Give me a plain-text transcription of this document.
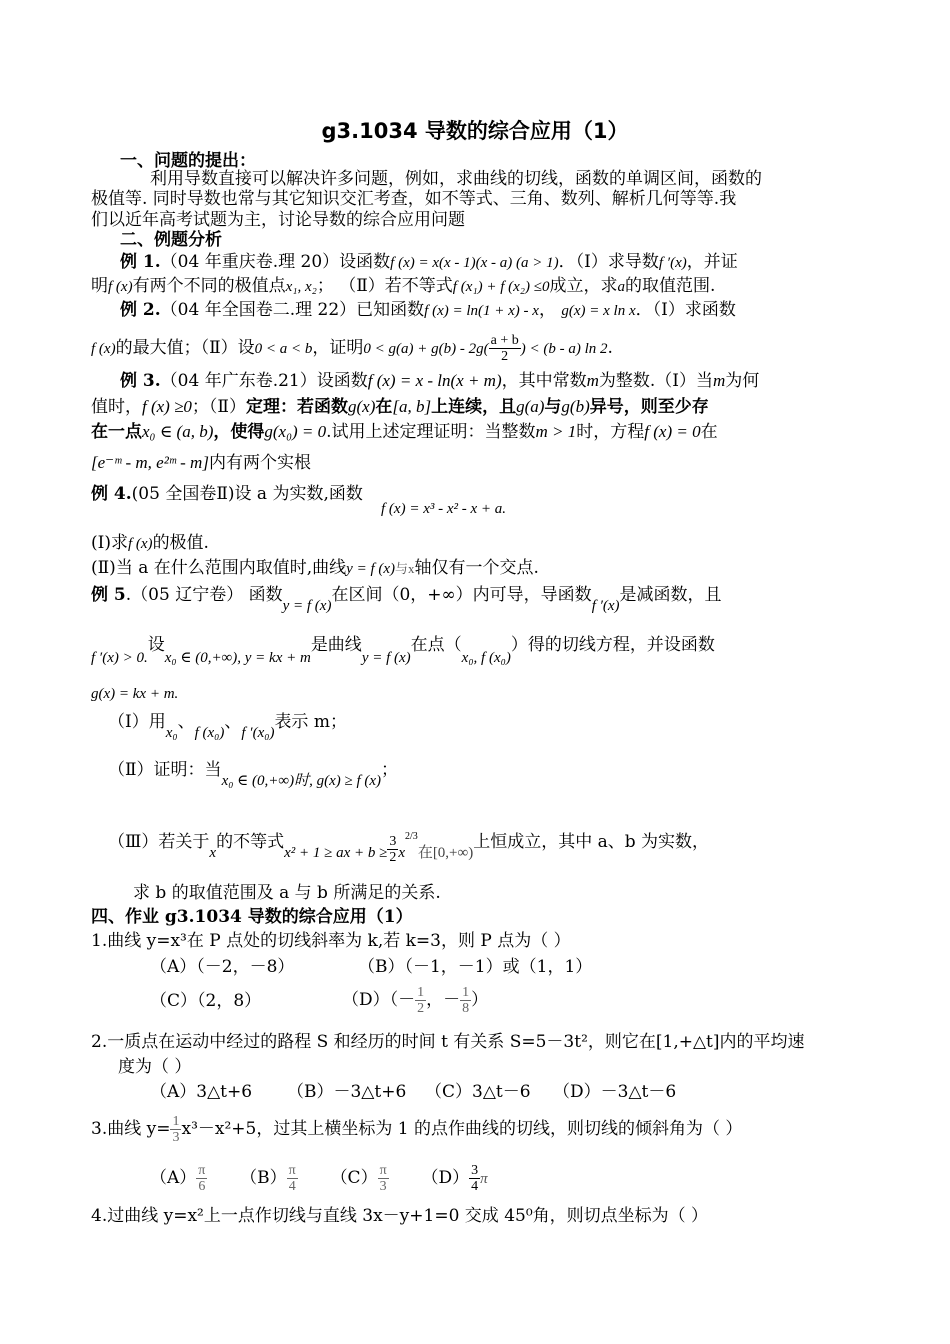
g3.1034 导数的综合应用（1）
一、问题的提出：
利用导数直接可以解决许多问题，例如，求曲线的切线，函数的单调区间，函数的
极值等. 同时导数也常与其它知识交汇考查，如不等式、三角、数列、解析几何等等.我
们以近年高考试题为主，讨论导数的综合应用问题
二、例题分析
例 1.（04 年重庆卷.理 20）设函数f (x) = x(x - 1)(x - a) (a > 1)．（Ⅰ）求导数f ′(x)，并证
明f (x)有两个不同的极值点x₁, x₂； （Ⅱ）若不等式f (x₁) + f (x₂) ≤0成立，求a的取值范围.
例 2.（04 年全国卷二.理 22）已知函数f (x) = ln(1 + x) - x， g(x) = x ln x．（Ⅰ）求函数
f (x)的最大值；（Ⅱ）设0 < a < b，证明$0 < g(a) + g(b) - 2g( \frac{a + b}{2}$ ) < (b - a) ln 2.
例 3.（04 年广东卷.21）设函数f (x) = x - ln(x + m)，其中常数m为整数.（Ⅰ）当m为何
值时，f (x) ≥0；（Ⅱ）定理：若函数g(x)在[a, b]上连续，且g(a)与g(b)异号，则至少存
在一点x₀ ∈ (a, b)，使得g(x₀) = 0.试用上述定理证明：当整数m > 1时，方程f (x) = 0在
[e⁻ᵐ - m, e²ᵐ - m]内有两个实根
例 4.(05 全国卷Ⅱ)设 a 为实数,函数
f (x) = x³ - x² - x + a.
(Ⅰ)求f (x)的极值.
(Ⅱ)当 a 在什么范围内取值时,曲线y = f (x)与x轴仅有一个交点.
例 5.（05 辽宁卷） 函数y = f (x)在区间（0，+∞）内可导，导函数f ′(x)是减函数，且
f ′(x) > 0.设x₀ ∈ (0,+∞), y = kx + m是曲线y = f (x)在点（x₀, f (x₀)）得的切线方程，并设函数
g(x) = kx + m.
（Ⅰ）用x₀、f (x₀)、f ′(x₀)表示 m；
（Ⅱ）证明：当x₀ ∈ (0,+∞)时, g(x) ≥ f (x)；
（Ⅲ）若关于x的不等式x² + 1 ≥ ax + $b \ge \frac{3}{2} x^{2/3}$在[0,+∞)上恒成立，其中 a、b 为实数，
求 b 的取值范围及 a 与 b 所满足的关系.
四、作业 g3.1034 导数的综合应用（1）
1.曲线 y=x³在 P 点处的切线斜率为 k,若 k=3，则 P 点为（ ）
（A）（－2，－8）	（B）（－1，－1）或（1，1）
（C）（2，8）	$(D)(- \frac{1}{2}$ ，－ $\frac{1}{8}$ ）
2.一质点在运动中经过的路程 S 和经历的时间 t 有关系 S=5－3t²，则它在[1,+△t]内的平均速
度为（ ）
（A）3△t+6 （B）－3△t+6 （C）3△t－6 （D）－3△t－6
3.曲线 $y= \frac{1}{3} x^3-x^2+5$，过其上横坐标为 1 的点作曲线的切线，则切线的倾斜角为（ ）
$(A) \frac{\pi}{6} (B) \frac{\pi}{4} (C) \frac{\pi}{3} (D) \frac{3}{4}$ π
4.过曲线 y=x²上一点作切线与直线 3x－y+1=0 交成 45⁰角，则切点坐标为（ ）
